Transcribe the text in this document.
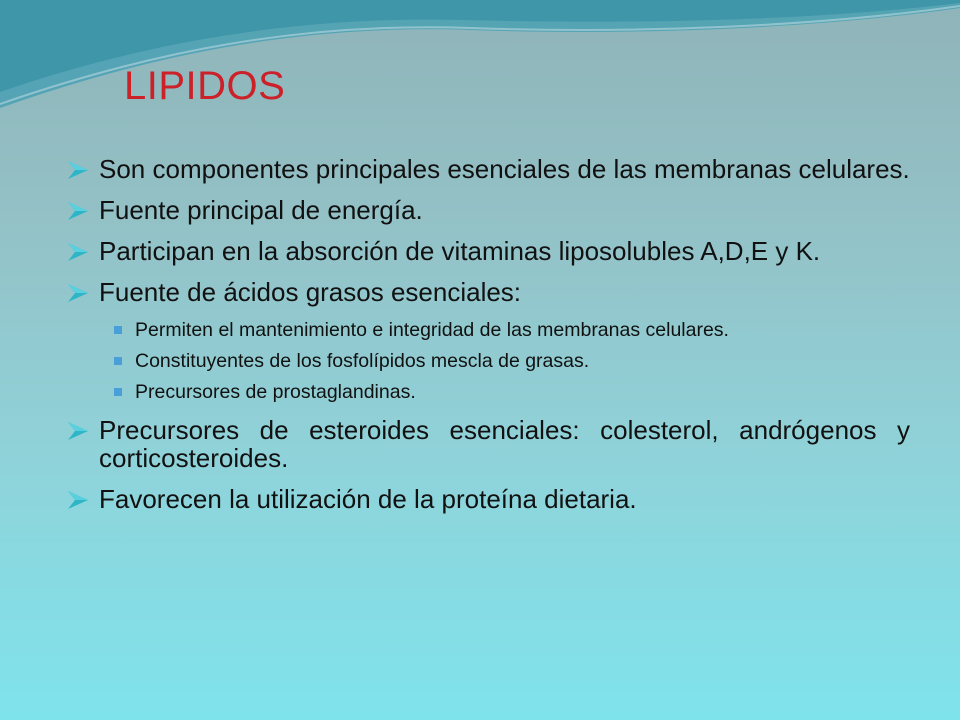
LIPIDOS
Son componentes principales esenciales de las membranas celulares.
Fuente principal de energía.
Participan en la absorción de vitaminas liposolubles A,D,E y K.
Fuente de ácidos grasos esenciales:
Permiten el mantenimiento e integridad de las membranas celulares.
Constituyentes de los fosfolípidos mescla de grasas.
Precursores de prostaglandinas.
Precursores de esteroides esenciales: colesterol, andrógenos y corticosteroides.
Favorecen la utilización de la proteína dietaria.
